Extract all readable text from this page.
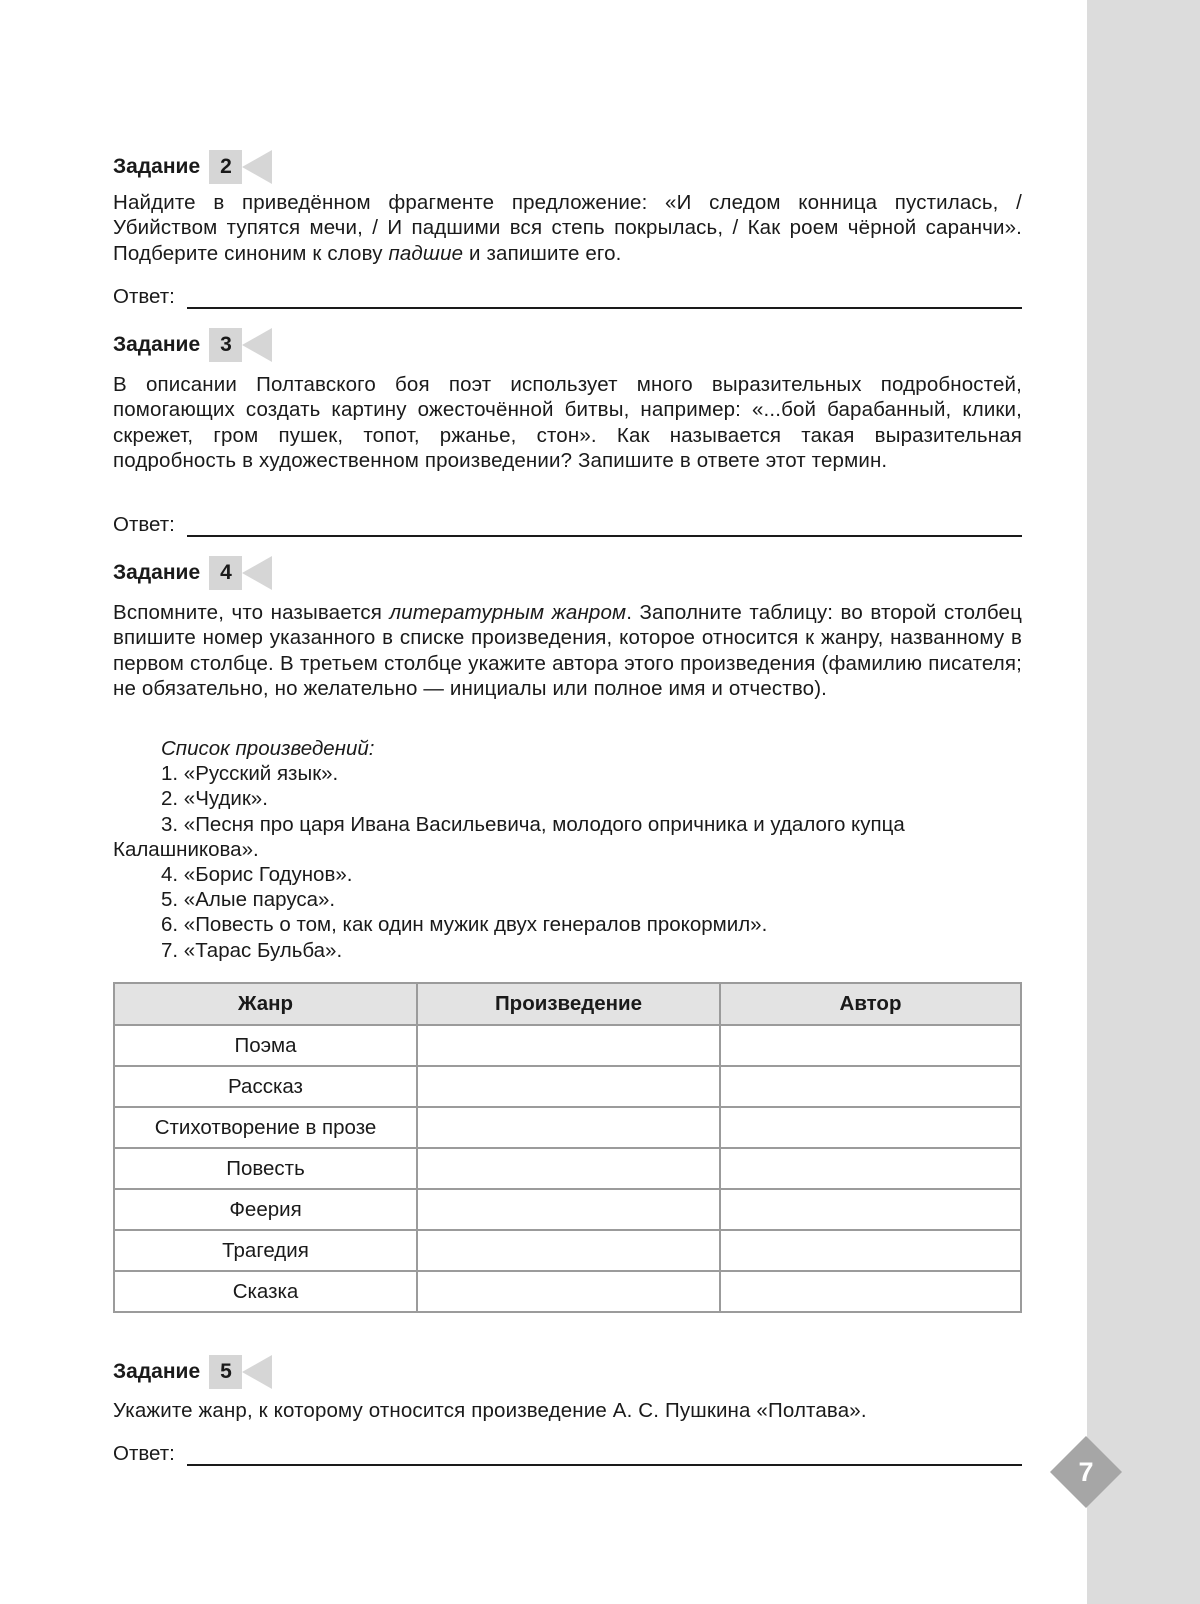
7
Задание 2
Найдите в приведённом фрагменте предложение: «И следом конница пустилась, / Убийством тупятся мечи, / И падшими вся степь покрылась, / Как роем чёрной саранчи». Подберите синоним к слову падшие и запишите его.
Ответ:
Задание 3
В описании Полтавского боя поэт использует много выразительных подробностей, помогающих создать картину ожесточённой битвы, например: «...бой барабанный, клики, скрежет, гром пушек, топот, ржанье, стон». Как называется такая выразительная подробность в художественном произведении? Запишите в ответе этот термин.
Ответ:
Задание 4
Вспомните, что называется литературным жанром. Заполните таблицу: во второй столбец впишите номер указанного в списке произведения, которое относится к жанру, названному в первом столбце. В третьем столбце укажите автора этого произведения (фамилию писателя; не обязательно, но желательно — инициалы или полное имя и отчество).
Список произведений:
1. «Русский язык».
2. «Чудик».
3. «Песня про царя Ивана Васильевича, молодого опричника и удалого купца
Калашникова».
4. «Борис Годунов».
5. «Алые паруса».
6. «Повесть о том, как один мужик двух генералов прокормил».
7. «Тарас Бульба».
Жанр	Произведение	Автор
Поэма		
Рассказ		
Стихотворение в прозе		
Повесть		
Феерия		
Трагедия		
Сказка		
Задание 5
Укажите жанр, к которому относится произведение А. С. Пушкина «Полтава».
Ответ:
